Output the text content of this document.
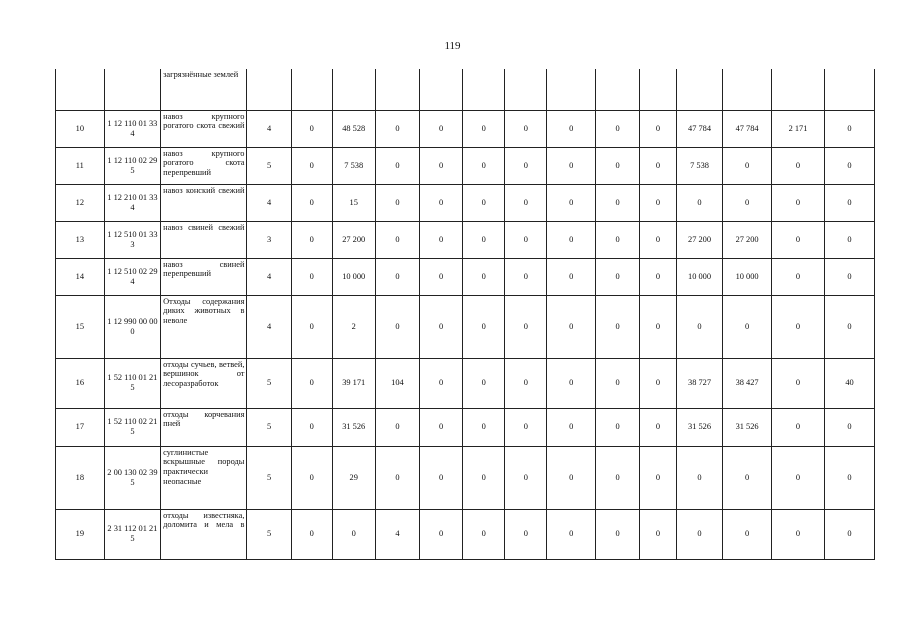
119
		загрязнённые землей														
10	1 12 110 01 33 4	навоз крупного рогатого скота свежий	4	0	48 528	0	0	0	0	0	0	0	47 784	47 784	2 171	0
11	1 12 110 02 29 5	навоз крупного рогатого скота перепревший	5	0	7 538	0	0	0	0	0	0	0	7 538	0	0	0
12	1 12 210 01 33 4	навоз конский свежий	4	0	15	0	0	0	0	0	0	0	0	0	0	0
13	1 12 510 01 33 3	навоз свиней свежий	3	0	27 200	0	0	0	0	0	0	0	27 200	27 200	0	0
14	1 12 510 02 29 4	навоз свиней перепревший	4	0	10 000	0	0	0	0	0	0	0	10 000	10 000	0	0
15	1 12 990 00 00 0	Отходы содержания диких животных в неволе	4	0	2	0	0	0	0	0	0	0	0	0	0	0
16	1 52 110 01 21 5	отходы сучьев, ветвей, вершинок от лесоразработок	5	0	39 171	104	0	0	0	0	0	0	38 727	38 427	0	40
17	1 52 110 02 21 5	отходы корчевания пней	5	0	31 526	0	0	0	0	0	0	0	31 526	31 526	0	0
18	2 00 130 02 39 5	суглинистые вскрышные породы практически неопасные	5	0	29	0	0	0	0	0	0	0	0	0	0	0
19	2 31 112 01 21 5	отходы известняка, доломита и мела в	5	0	0	4	0	0	0	0	0	0	0	0	0	0
